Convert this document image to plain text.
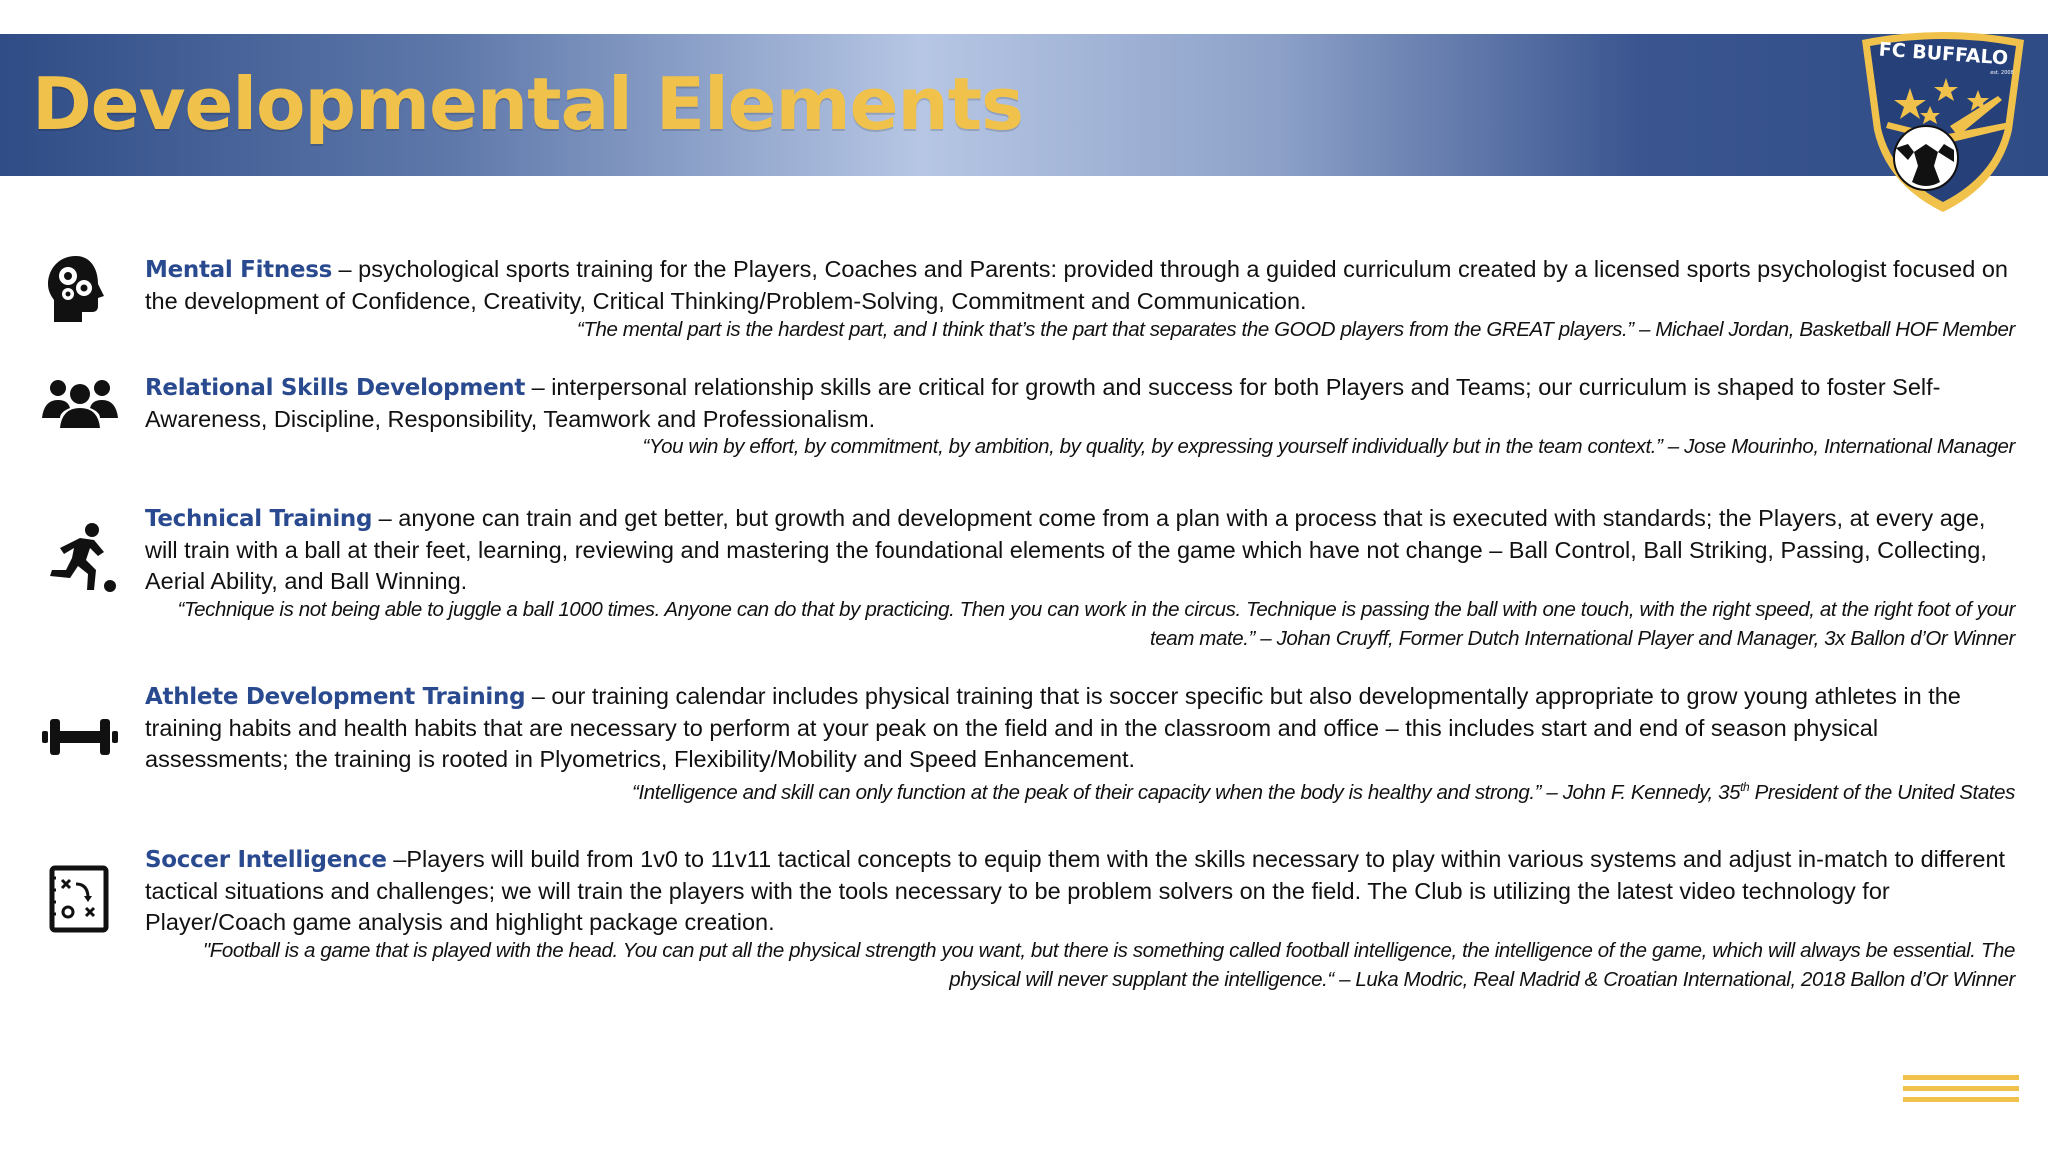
Developmental Elements
FC BUFFALO
est. 2008
Mental Fitness – psychological sports training for the Players, Coaches and Parents: provided through a guided curriculum created by a licensed sports psychologist focused on the development of Confidence, Creativity, Critical Thinking/Problem-Solving, Commitment and Communication.
“The mental part is the hardest part, and I think that’s the part that separates the GOOD players from the GREAT players.” – Michael Jordan, Basketball HOF Member
Relational Skills Development – interpersonal relationship skills are critical for growth and success for both Players and Teams; our curriculum is shaped to foster Self-Awareness, Discipline, Responsibility, Teamwork and Professionalism.
“You win by effort, by commitment, by ambition, by quality, by expressing yourself individually but in the team context.” – Jose Mourinho, International Manager
Technical Training – anyone can train and get better, but growth and development come from a plan with a process that is executed with standards; the Players, at every age, will train with a ball at their feet, learning, reviewing and mastering the foundational elements of the game which have not change – Ball Control, Ball Striking, Passing, Collecting, Aerial Ability, and Ball Winning.
“Technique is not being able to juggle a ball 1000 times. Anyone can do that by practicing. Then you can work in the circus. Technique is passing the ball with one touch, with the right speed, at the right foot of your team mate.” – Johan Cruyff, Former Dutch International Player and Manager, 3x Ballon d’Or Winner
Athlete Development Training – our training calendar includes physical training that is soccer specific but also developmentally appropriate to grow young athletes in the training habits and health habits that are necessary to perform at your peak on the field and in the classroom and office – this includes start and end of season physical assessments; the training is rooted in Plyometrics, Flexibility/Mobility and Speed Enhancement.
“Intelligence and skill can only function at the peak of their capacity when the body is healthy and strong.” – John F. Kennedy, 35th President of the United States
Soccer Intelligence –Players will build from 1v0 to 11v11 tactical concepts to equip them with the skills necessary to play within various systems and adjust in-match to different tactical situations and challenges; we will train the players with the tools necessary to be problem solvers on the field. The Club is utilizing the latest video technology for Player/Coach game analysis and highlight package creation.
"Football is a game that is played with the head. You can put all the physical strength you want, but there is something called football intelligence, the intelligence of the game, which will always be essential. The physical will never supplant the intelligence.“ – Luka Modric, Real Madrid & Croatian International, 2018 Ballon d’Or Winner
